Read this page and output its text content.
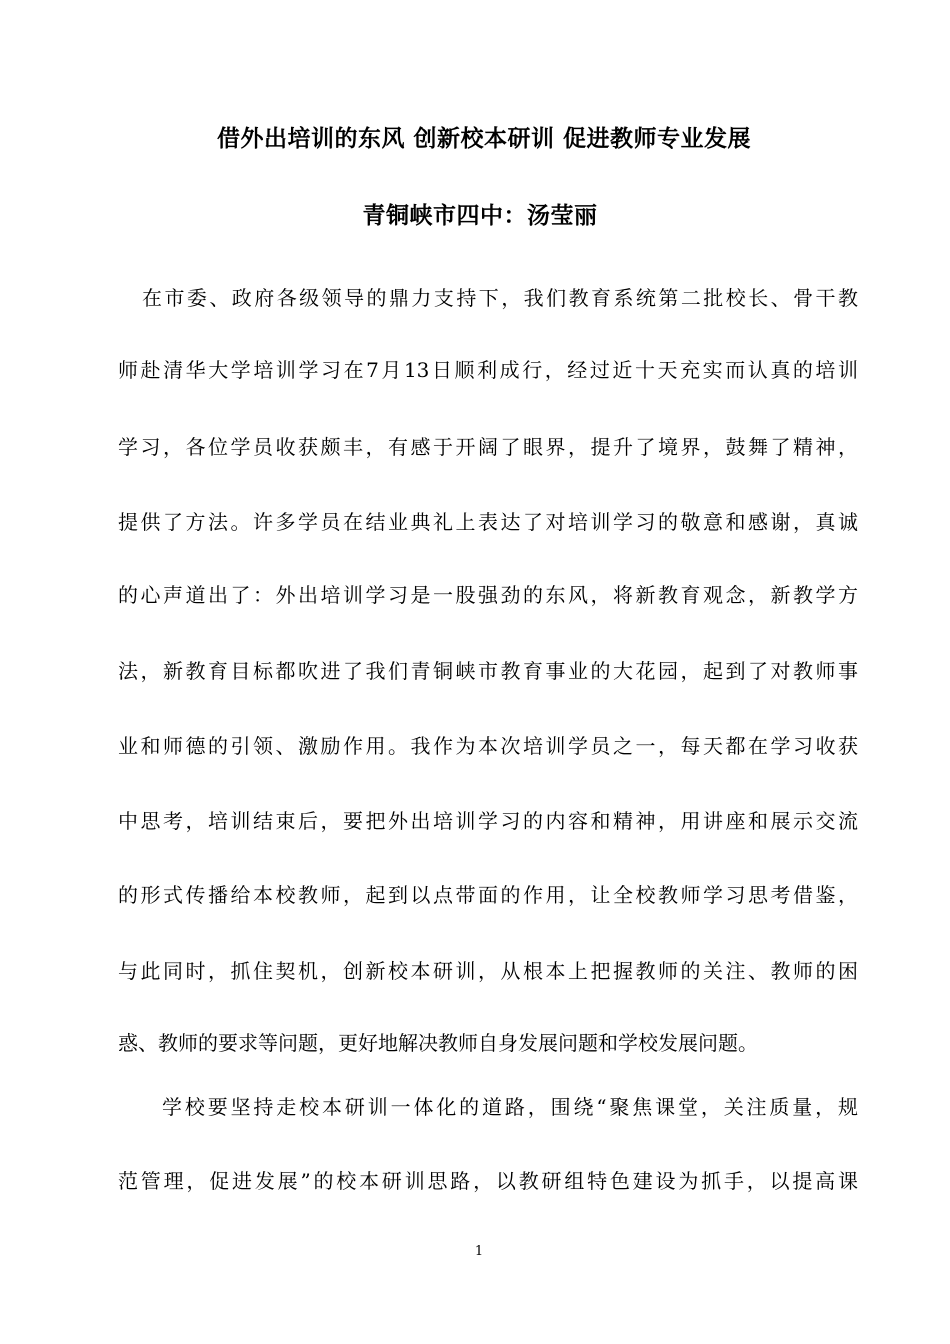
借外出培训的东风 创新校本研训 促进教师专业发展
青铜峡市四中：汤莹丽
在市委、政府各级领导的鼎力支持下，我们教育系统第二批校长、骨干教
师赴清华大学培训学习在7月13日顺利成行，经过近十天充实而认真的培训
学习，各位学员收获颇丰，有感于开阔了眼界，提升了境界，鼓舞了精神，
提供了方法。许多学员在结业典礼上表达了对培训学习的敬意和感谢，真诚
的心声道出了：外出培训学习是一股强劲的东风，将新教育观念，新教学方
法，新教育目标都吹进了我们青铜峡市教育事业的大花园，起到了对教师事
业和师德的引领、激励作用。我作为本次培训学员之一，每天都在学习收获
中思考，培训结束后，要把外出培训学习的内容和精神，用讲座和展示交流
的形式传播给本校教师，起到以点带面的作用，让全校教师学习思考借鉴，
与此同时，抓住契机，创新校本研训，从根本上把握教师的关注、教师的困
惑、教师的要求等问题，更好地解决教师自身发展问题和学校发展问题。
学校要坚持走校本研训一体化的道路，围绕“聚焦课堂，关注质量，规
范管理，促进发展”的校本研训思路，以教研组特色建设为抓手，以提高课
1
